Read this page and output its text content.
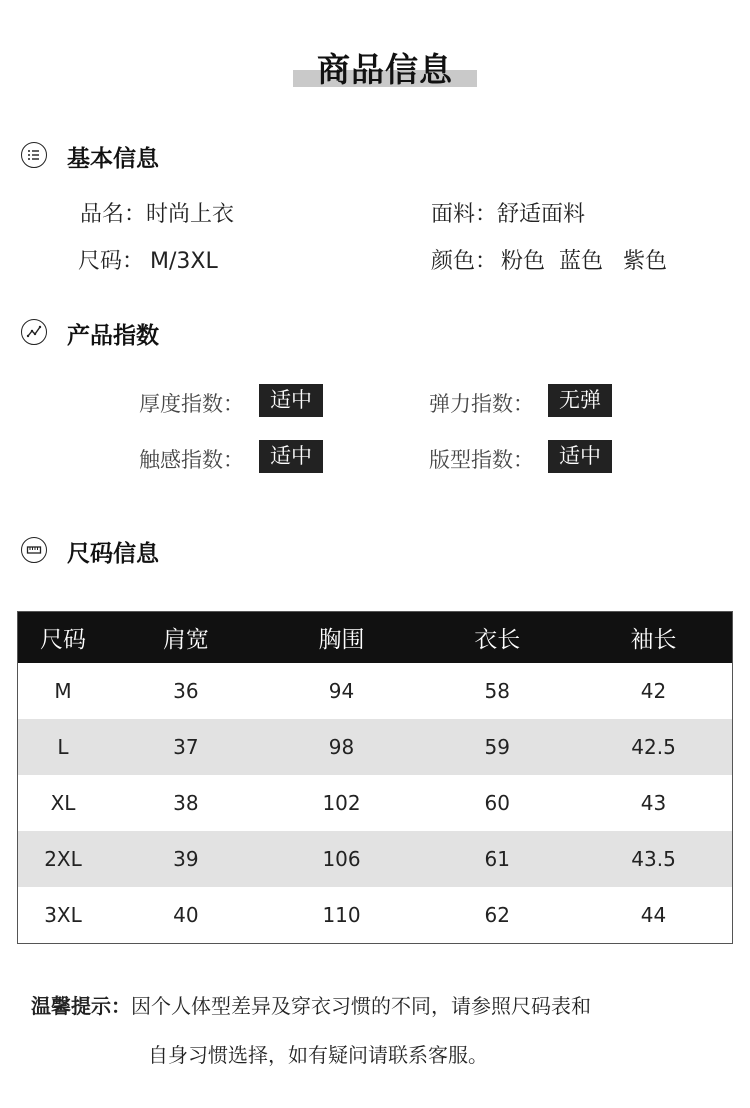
商品信息
基本信息
品名：时尚上衣	面料：舒适面料
尺码： M/3XL	颜色： 粉色 蓝色 紫色
产品指数
厚度指数：	适中	弹力指数：	无弹
触感指数：	适中	版型指数：	适中
尺码信息
尺码	肩宽	胸围	衣长	袖长
M	36	94	58	42
L	37	98	59	42.5
XL	38	102	60	43
2XL	39	106	61	43.5
3XL	40	110	62	44
温馨提示：因个人体型差异及穿衣习惯的不同，请参照尺码表和
自身习惯选择，如有疑问请联系客服。
